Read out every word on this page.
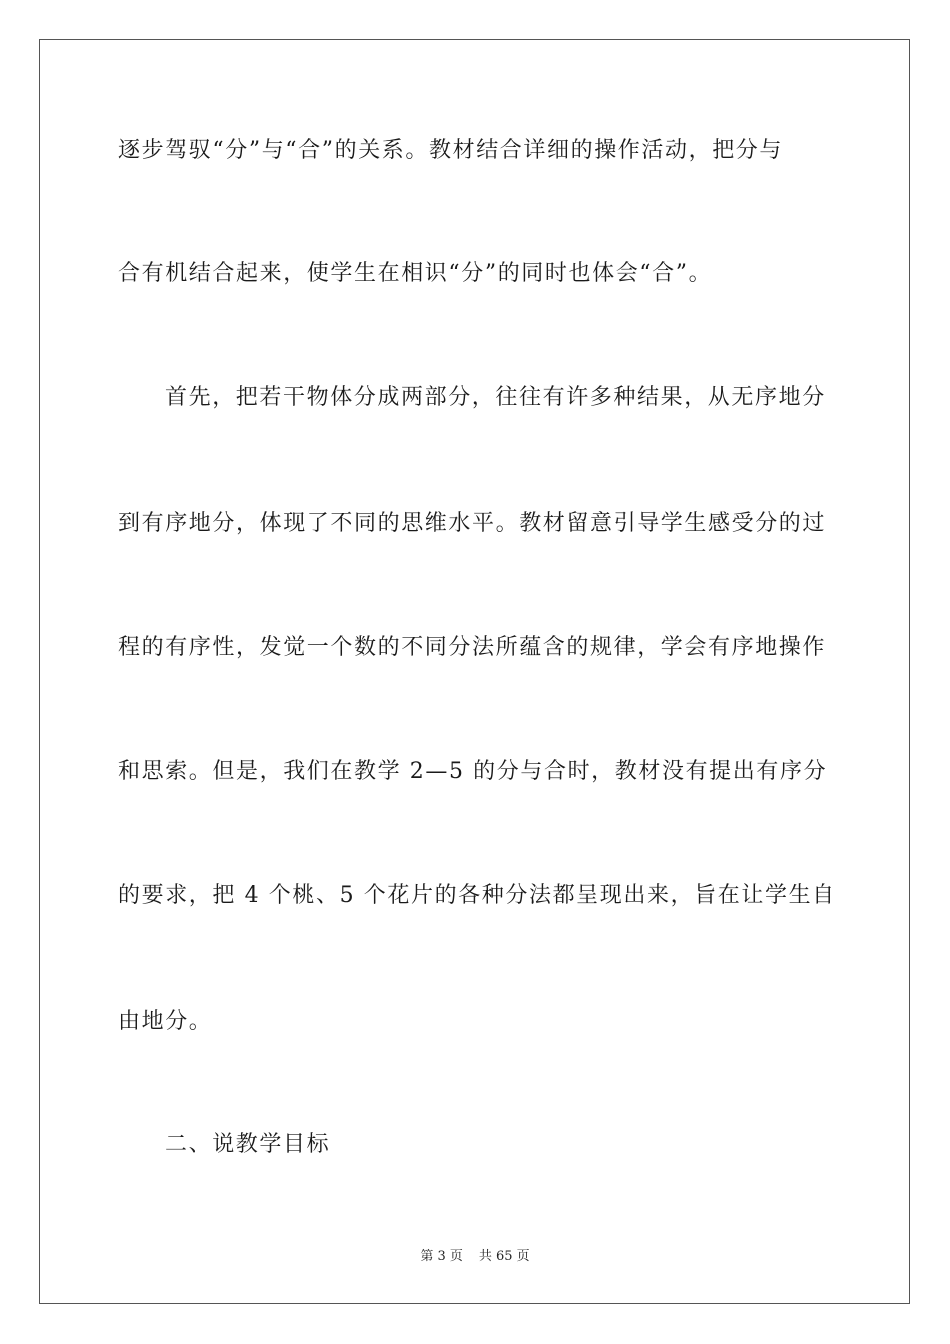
逐步驾驭“分”与“合”的关系。教材结合详细的操作活动，把分与
合有机结合起来，使学生在相识“分”的同时也体会“合”。
首先，把若干物体分成两部分，往往有许多种结果，从无序地分
到有序地分，体现了不同的思维水平。教材留意引导学生感受分的过
程的有序性，发觉一个数的不同分法所蕴含的规律，学会有序地操作
和思索。但是，我们在教学 2—5 的分与合时，教材没有提出有序分
的要求，把 4 个桃、5 个花片的各种分法都呈现出来，旨在让学生自
由地分。
二、说教学目标
第 3 页 共 65 页
